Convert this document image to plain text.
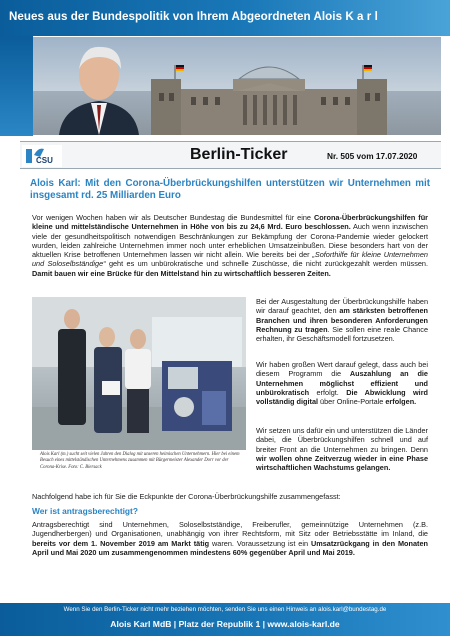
Neues aus der Bundespolitik von Ihrem Abgeordneten Alois K a r l
CSU	Berlin-Ticker	Nr. 505 vom 17.07.2020
Alois Karl: Mit den Corona-Überbrückungshilfen unterstützen wir Unternehmen mit insgesamt rd. 25 Milliarden Euro
Vor wenigen Wochen haben wir als Deutscher Bundestag die Bundesmittel für eine Corona-Überbrückungshilfen für kleine und mittelständische Unternehmen in Höhe von bis zu 24,6 Mrd. Euro beschlossen. Auch wenn inzwischen viele der gesundheitspolitisch notwendigen Beschränkungen zur Bekämpfung der Corona-Pandemie wieder gelockert wurden, leiden zahlreiche Unternehmen immer noch unter erheblichen Umsatzeinbußen. Diese besonders hart von der aktuellen Krise betroffenen Unternehmen lassen wir nicht allein. Wie bereits bei der „Soforthilfe für kleine Unternehmen und Soloselbständige“ geht es um unbürokratische und schnelle Zuschüsse, die nicht zurückgezahlt werden müssen. Damit bauen wir eine Brücke für den Mittelstand hin zu wirtschaftlich besseren Zeiten.
Alois Karl (m.) sucht seit vielen Jahren den Dialog mit unseren heimischen Unternehmern. Hier bei einem Besuch eines mittelständischen Unternehmens zusammen mit Bürgermeister Alexander Dorr vor der Corona-Krise. Foto: C. Biersack
Bei der Ausgestaltung der Überbrückungshilfe haben wir darauf geachtet, den am stärksten betroffenen Branchen und ihren besonderen Anforderungen Rechnung zu tragen. Sie sollen eine reale Chance erhalten, ihr Geschäftsmodell fortzusetzen.
Wir haben großen Wert darauf gelegt, dass auch bei diesem Programm die Auszahlung an die Unternehmen möglichst effizient und unbürokratisch erfolgt. Die Abwicklung wird vollständig digital über Online-Portale erfolgen.
Wir setzen uns dafür ein und unterstützen die Länder dabei, die Überbrückungshilfen schnell und auf breiter Front an die Unternehmen zu bringen. Denn wir wollen ohne Zeitverzug wieder in eine Phase wirtschaftlichen Wachstums gelangen.
Nachfolgend habe ich für Sie die Eckpunkte der Corona-Überbrückungshilfe zusammengefasst:
Wer ist antragsberechtigt?
Antragsberechtigt sind Unternehmen, Soloselbstständige, Freiberufler, gemeinnützige Unternehmen (z.B. Jugendherbergen) und Organisationen, unabhängig von ihrer Rechtsform, mit Sitz oder Betriebsstätte im Inland, die bereits vor dem 1. November 2019 am Markt tätig waren. Voraussetzung ist ein Umsatzrückgang in den Monaten April und Mai 2020 um zusammengenommen mindestens 60% gegenüber April und Mai 2019.
Wenn Sie den Berlin-Ticker nicht mehr beziehen möchten, senden Sie uns einen Hinweis an alois.karl@bundestag.de
Alois Karl MdB | Platz der Republik 1 | www.alois-karl.de
